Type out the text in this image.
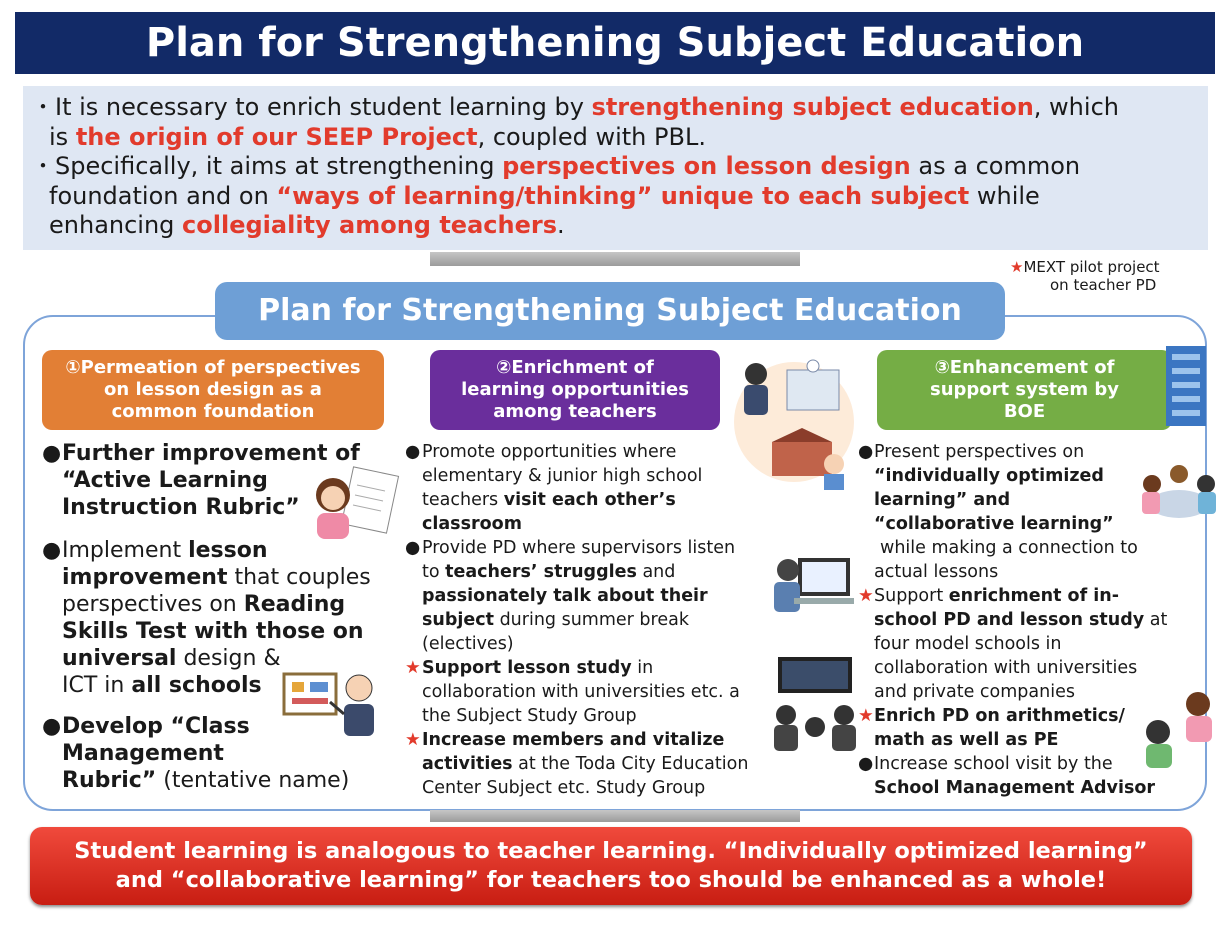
Plan for Strengthening Subject Education

・It is necessary to enrich student learning by strengthening subject education, which

is the origin of our SEEP Project, coupled with PBL.

・Specifically, it aims at strengthening perspectives on lesson design as a common

foundation and on “ways of learning/thinking” unique to each subject while

enhancing collegiality among teachers.

★MEXT pilot project
on teacher PD
Plan for Strengthening Subject Education
①Permeation of perspectives
on lesson design as a
common foundation
②Enrichment of
learning opportunities
among teachers
③Enhancement of
support system by
BOE
● Further improvement of
“Active Learning
Instruction Rubric”
● Implement lesson
improvement that couples
perspectives on Reading
Skills Test with those on
universal design &
ICT in all schools
● Develop “Class Management
Rubric” (tentative name)
● Promote opportunities where
elementary & junior high school
teachers visit each other’s
classroom
● Provide PD where supervisors listen
to teachers’ struggles and
passionately talk about their
subject during summer break
(electives)
★ Support lesson study in
collaboration with universities etc. a
the Subject Study Group
★ Increase members and vitalize
activities at the Toda City Education
Center Subject etc. Study Group
● Present perspectives on
“individually optimized
learning” and
“collaborative learning”
while making a connection to
actual lessons
★ Support enrichment of in-
school PD and lesson study at
four model schools in
collaboration with universities
and private companies
★ Enrich PD on arithmetics/
math as well as PE
● Increase school visit by the
School Management Advisor
Student learning is analogous to teacher learning. “Individually optimized learning”
and “collaborative learning” for teachers too should be enhanced as a whole!
